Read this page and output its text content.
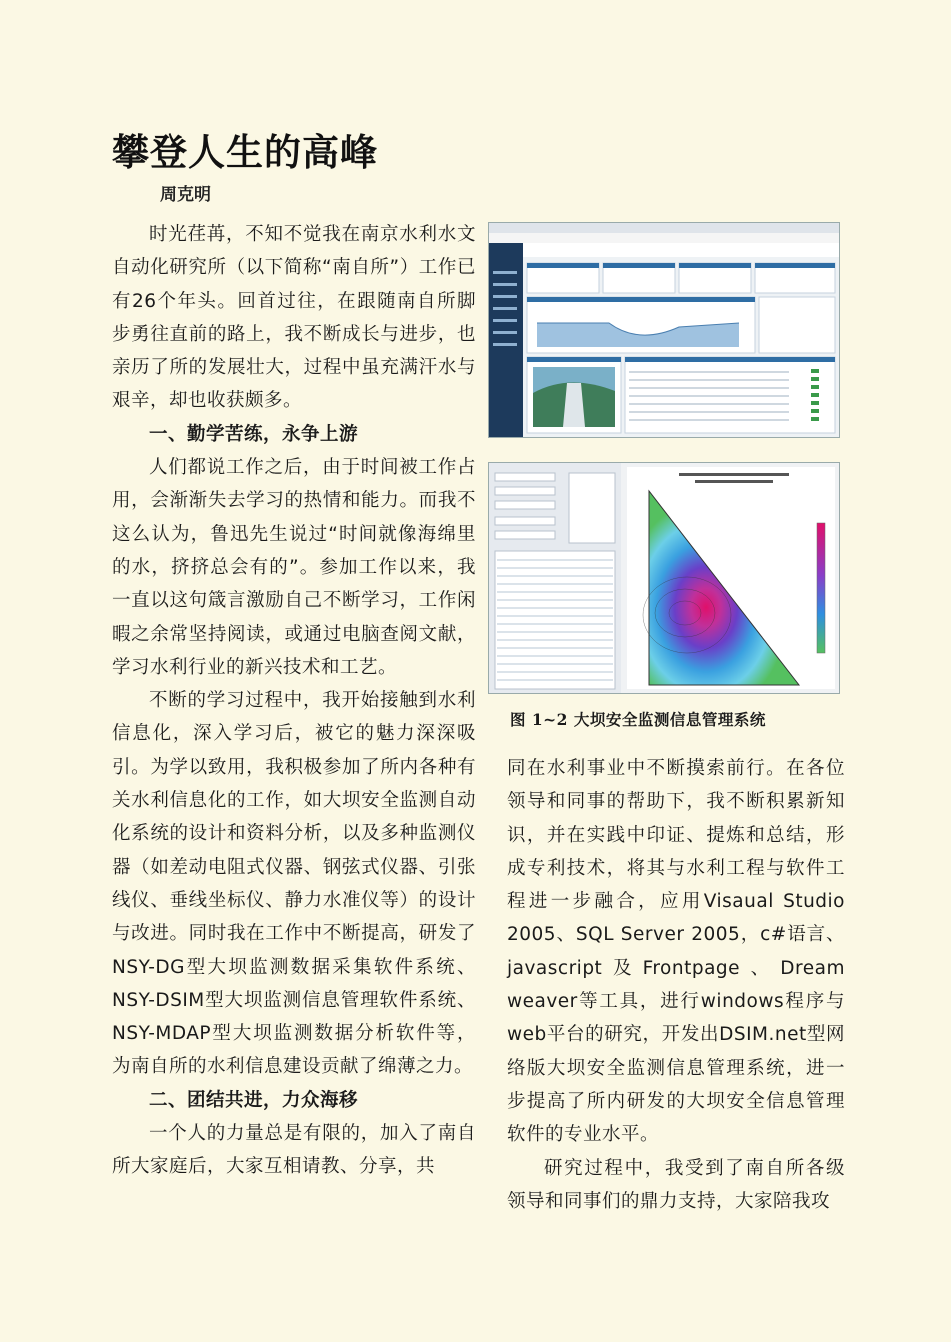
攀登人生的高峰
周克明

时光荏苒，不知不觉我在南京水利水文自动化研究所（以下简称“南自所”）工作已有26个年头。回首过往，在跟随南自所脚步勇往直前的路上，我不断成长与进步，也亲历了所的发展壮大，过程中虽充满汗水与艰辛，却也收获颇多。

一、勤学苦练，永争上游

人们都说工作之后，由于时间被工作占用，会渐渐失去学习的热情和能力。而我不这么认为，鲁迅先生说过“时间就像海绵里的水，挤挤总会有的”。参加工作以来，我一直以这句箴言激励自己不断学习，工作闲暇之余常坚持阅读，或通过电脑查阅文献，学习水利行业的新兴技术和工艺。

不断的学习过程中，我开始接触到水利信息化，深入学习后，被它的魅力深深吸引。为学以致用，我积极参加了所内各种有关水利信息化的工作，如大坝安全监测自动化系统的设计和资料分析，以及多种监测仪器（如差动电阻式仪器、钢弦式仪器、引张线仪、垂线坐标仪、静力水准仪等）的设计与改进。同时我在工作中不断提高，研发了NSY-DG型大坝监测数据采集软件系统、NSY-DSIM型大坝监测信息管理软件系统、NSY-MDAP型大坝监测数据分析软件等，为南自所的水利信息建设贡献了绵薄之力。

二、团结共进，力众海移

一个人的力量总是有限的，加入了南自所大家庭后，大家互相请教、分享，共

图 1~2 大坝安全监测信息管理系统

同在水利事业中不断摸索前行。在各位领导和同事的帮助下，我不断积累新知识，并在实践中印证、提炼和总结，形成专利技术，将其与水利工程与软件工程进一步融合，应用Visaual Studio 2005、SQL Server 2005，c#语言、javascript及Frontpage、Dream weaver等工具，进行windows程序与web平台的研究，开发出DSIM.net型网络版大坝安全监测信息管理系统，进一步提高了所内研发的大坝安全信息管理软件的专业水平。

研究过程中，我受到了南自所各级领导和同事们的鼎力支持，大家陪我攻
